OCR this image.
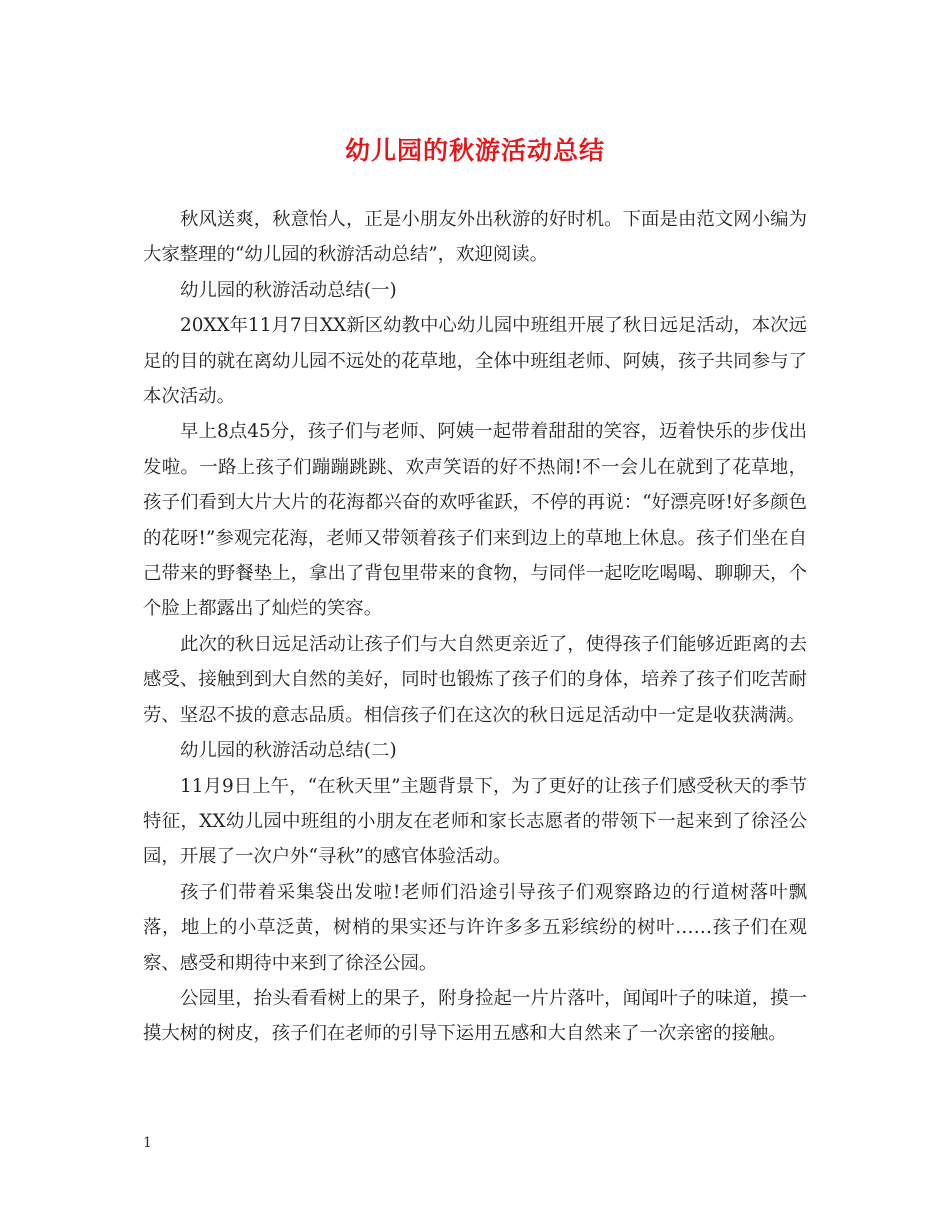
幼儿园的秋游活动总结

秋风送爽，秋意怡人，正是小朋友外出秋游的好时机。下面是由范文网小编为大家整理的“幼儿园的秋游活动总结”，欢迎阅读。

幼儿园的秋游活动总结(一)

20XX年11月7日XX新区幼教中心幼儿园中班组开展了秋日远足活动，本次远足的目的就在离幼儿园不远处的花草地，全体中班组老师、阿姨，孩子共同参与了本次活动。

早上8点45分，孩子们与老师、阿姨一起带着甜甜的笑容，迈着快乐的步伐出发啦。一路上孩子们蹦蹦跳跳、欢声笑语的好不热闹!不一会儿在就到了花草地，孩子们看到大片大片的花海都兴奋的欢呼雀跃，不停的再说：“好漂亮呀!好多颜色的花呀!”参观完花海，老师又带领着孩子们来到边上的草地上休息。孩子们坐在自己带来的野餐垫上，拿出了背包里带来的食物，与同伴一起吃吃喝喝、聊聊天，个个脸上都露出了灿烂的笑容。

此次的秋日远足活动让孩子们与大自然更亲近了，使得孩子们能够近距离的去感受、接触到到大自然的美好，同时也锻炼了孩子们的身体，培养了孩子们吃苦耐劳、坚忍不拔的意志品质。相信孩子们在这次的秋日远足活动中一定是收获满满。

幼儿园的秋游活动总结(二)

11月9日上午，“在秋天里”主题背景下，为了更好的让孩子们感受秋天的季节特征，XX幼儿园中班组的小朋友在老师和家长志愿者的带领下一起来到了徐泾公园，开展了一次户外“寻秋”的感官体验活动。

孩子们带着采集袋出发啦!老师们沿途引导孩子们观察路边的行道树落叶飘落，地上的小草泛黄，树梢的果实还与许许多多五彩缤纷的树叶……孩子们在观察、感受和期待中来到了徐泾公园。

公园里，抬头看看树上的果子，附身捡起一片片落叶，闻闻叶子的味道，摸一摸大树的树皮，孩子们在老师的引导下运用五感和大自然来了一次亲密的接触。

1
